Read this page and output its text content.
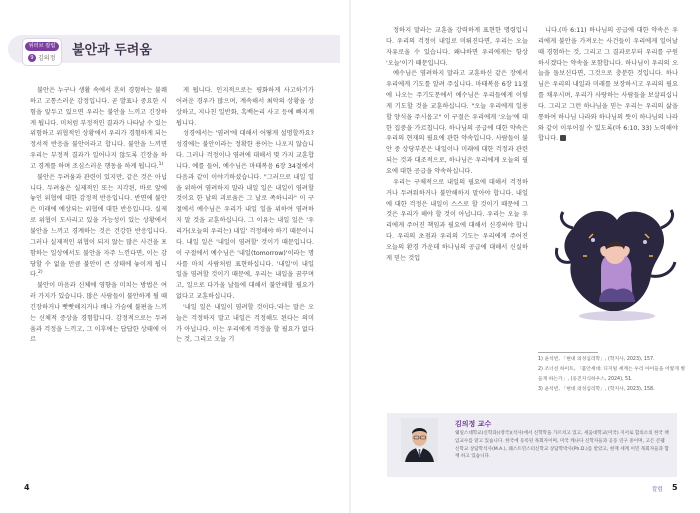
위러브 칼럼
9 김의정
불안과 두려움

불안은 누구나 생활 속에서 흔히 경험하는 불쾌하고 고통스러운 감정입니다. 곧 발표나 중요한 시험을 앞두고 있으면 우리는 불안을 느끼고 긴장하게 됩니다. 미처럼 부정적인 결과가 나타날 수 있는 위험하고 위협적인 상황에서 우리가 경험하게 되는 정서적 반응을 불안이라고 합니다. 불안을 느끼면 우리는 부정적 결과가 일어나지 않도록 긴장을 하고 경계를 하며 조심스러운 행동을 하게 됩니다.$^{1)}$

불안은 두려움과 관련이 있지만, 같은 것은 아닙니다. 두려움은 실제적인 또는 지각된, 바로 앞에 놓인 위협에 대한 감정적 반응입니다. 반면에 불안은 미래에 예상되는 위협에 대한 반응입니다. 실제로 위협이 도사리고 있을 가능성이 있는 상황에서 불안을 느끼고 경계하는 것은 건강한 반응입니다. 그러나 실제적인 위협이 되지 않는 많은 사건을 포함하는 일상에서도 불안을 자주 느낀다면, 이는 감당할 수 없을 만큼 불안이 큰 상태에 놓이게 됩니다.$^{2)}$

불안이 마음과 신체에 영향을 미치는 방법은 여러 가지가 있습니다. 많은 사람들이 불안하게 될 때 긴장하거나 빳빳해지거나 배나 가슴에 불편을 느끼는 신체적 증상을 경험합니다. 감정적으로는 두려움과 걱정을 느끼고, 그 이후에는 답답한 상태에 이르

게 됩니다. 인지적으로는 평화하게 사고하기가 어려운 경우가 많으며, 계속해서 최악의 상황을 상상하고, 지나친 일반화, 흑백논리 사고 등에 빠지게 됩니다.

성경에서는 '염려'에 대해서 어떻게 설명할까요? 성경에는 불안이라는 정확한 용어는 나오지 않습니다. 그러나 걱정이나 염려에 대해서 몇 가지 교훈합니다. 예를 들어, 예수님은 마태복음 6장 34절에서 다음과 같이 이야기하셨습니다. "그러므로 내일 일을 위하여 염려하지 말라 내일 일은 내일이 염려할 것이요 한 날의 괴로움은 그 날로 족하니라" 이 구절에서 예수님은 우리가 내일 일을 위하여 염려하지 말 것을 교훈하십니다. 그 이유는 내일 일은 '우리가(오늘의 우리는) 내일' 걱정해야 하기 때문이니다. 내일 일은 '내일이 염려할' 것이기 때문입니다. 이 구절에서 예수님은 '내일(tomorrow)'이라는 명사를 마치 사람처럼 표현하십니다. '내일'이 내일 일을 염려할 것이기 때문에, 우리는 내일을 꿈꾸며 고, 일으로 다가올 날들에 대해서 불안해할 필요가 없다고 교훈하십니다.

'내일 일은 내일이 염려할 것이다.'라는 말은 오늘은 걱정하지 말고 내일은 걱정해도 된다는 의미가 아닙니다. 이는 우리에게 걱정을 할 필요가 없다는 것, 그리고 오늘 기

정하지 말라는 교훈을 강력하게 표현한 명령입니다. 우리의 걱정이 내일로 미뤄진다면, 우리는 오늘 자유로울 수 있습니다. 왜냐하면 우리에게는 항상 '오늘'이기 때문입니다.

예수님은 염려하지 말라고 교훈하신 같은 장에서 우리에게 기도를 알려 주십니다. 마태복음 6장 11절에 나오는 주기도문에서 예수님은 우리들에게 이렇게 기도할 것을 교훈하십니다. "오늘 우리에게 일용할 양식을 주시옵고" 이 구절은 우리에게 '오늘'에 대한 집중을 가르칩니다. 하나님의 공급에 대한 약속은 우리의 현재의 필요에 관한 약속입니다. 사람들이 불안 중 상당부분은 내일이나 미래에 대한 걱정과 관련되는 것과 대조적으로, 하나님은 우리에게 오늘의 필요에 대한 공급을 약속하십니다.

우리는 구체적으로 내일의 필요에 대해서 걱정하거나 두려워하거나 불안해하지 말아야 합니다. 내일에 대한 걱정은 내일이 스스로 할 것이기 때문에 그것은 우리가 해야 할 것이 아닙니다. 우리는 오늘 우리에게 주어진 책임과 필요에 대해서 신경써야 합니다. 우리의 초점과 우리의 기도는 우리에게 주어진 오늘의 환경 가운데 하나님의 공급에 대해서 신실하게 믿는 것입

니다.(마 6:11) 하나님의 공급에 대한 약속은 우리에게 불안을 가져오는 사건들이 우리에게 일어날 때 경험하는 것, 그리고 그 결과로부터 우리를 구원하시겠다는 약속을 포함합니다. 하나님이 우리의 오늘을 돌보신다면, 그것으로 충분한 것입니다. 하나님은 우리의 내일과 미래를 보장하시고 우리의 필요를 채우시며, 우리가 사랑하는 사람들을 보살피십니다. 그리고 그런 하나님을 믿는 우리는 우리의 삶을 통하여 하나님 나라와 하나님의 뜻이 하나님의 나라와 같이 이루어질 수 있도록(마 6:10, 33) 노력해야 합니다.

1) 윤석빈, 「현대 의성심리학」, (학지사, 2023), 157.
2) 조너선 하이트, 「불안세대: 디지털 세계는 우리 아이들을 어떻게 병들게 하는가」, (웅진지식하우스, 2024), 51.
3) 윤석빈, 「현대 의성심리학」, (학지사, 2023), 158.
김의정 교수
웨일스대학교(신학과)(영국)(석사)에서 신학학을 가르치고 있고, 세움대학교(미국) 지서로 합의소의 한국 책임교수를 맡고 있습니다. 한국에 등록된 목회자이며, 미국 캐나다 신학자들과 공동 연구 중이며, 고든 콘웰 신학교 상담학석사(M.A.), 웨스트민스터신학교 상담학박사(Ph.D.)를 받았고, 현재 세계 이민 목회자들과 함께 하고 있습니다.
4	칼럼 5
